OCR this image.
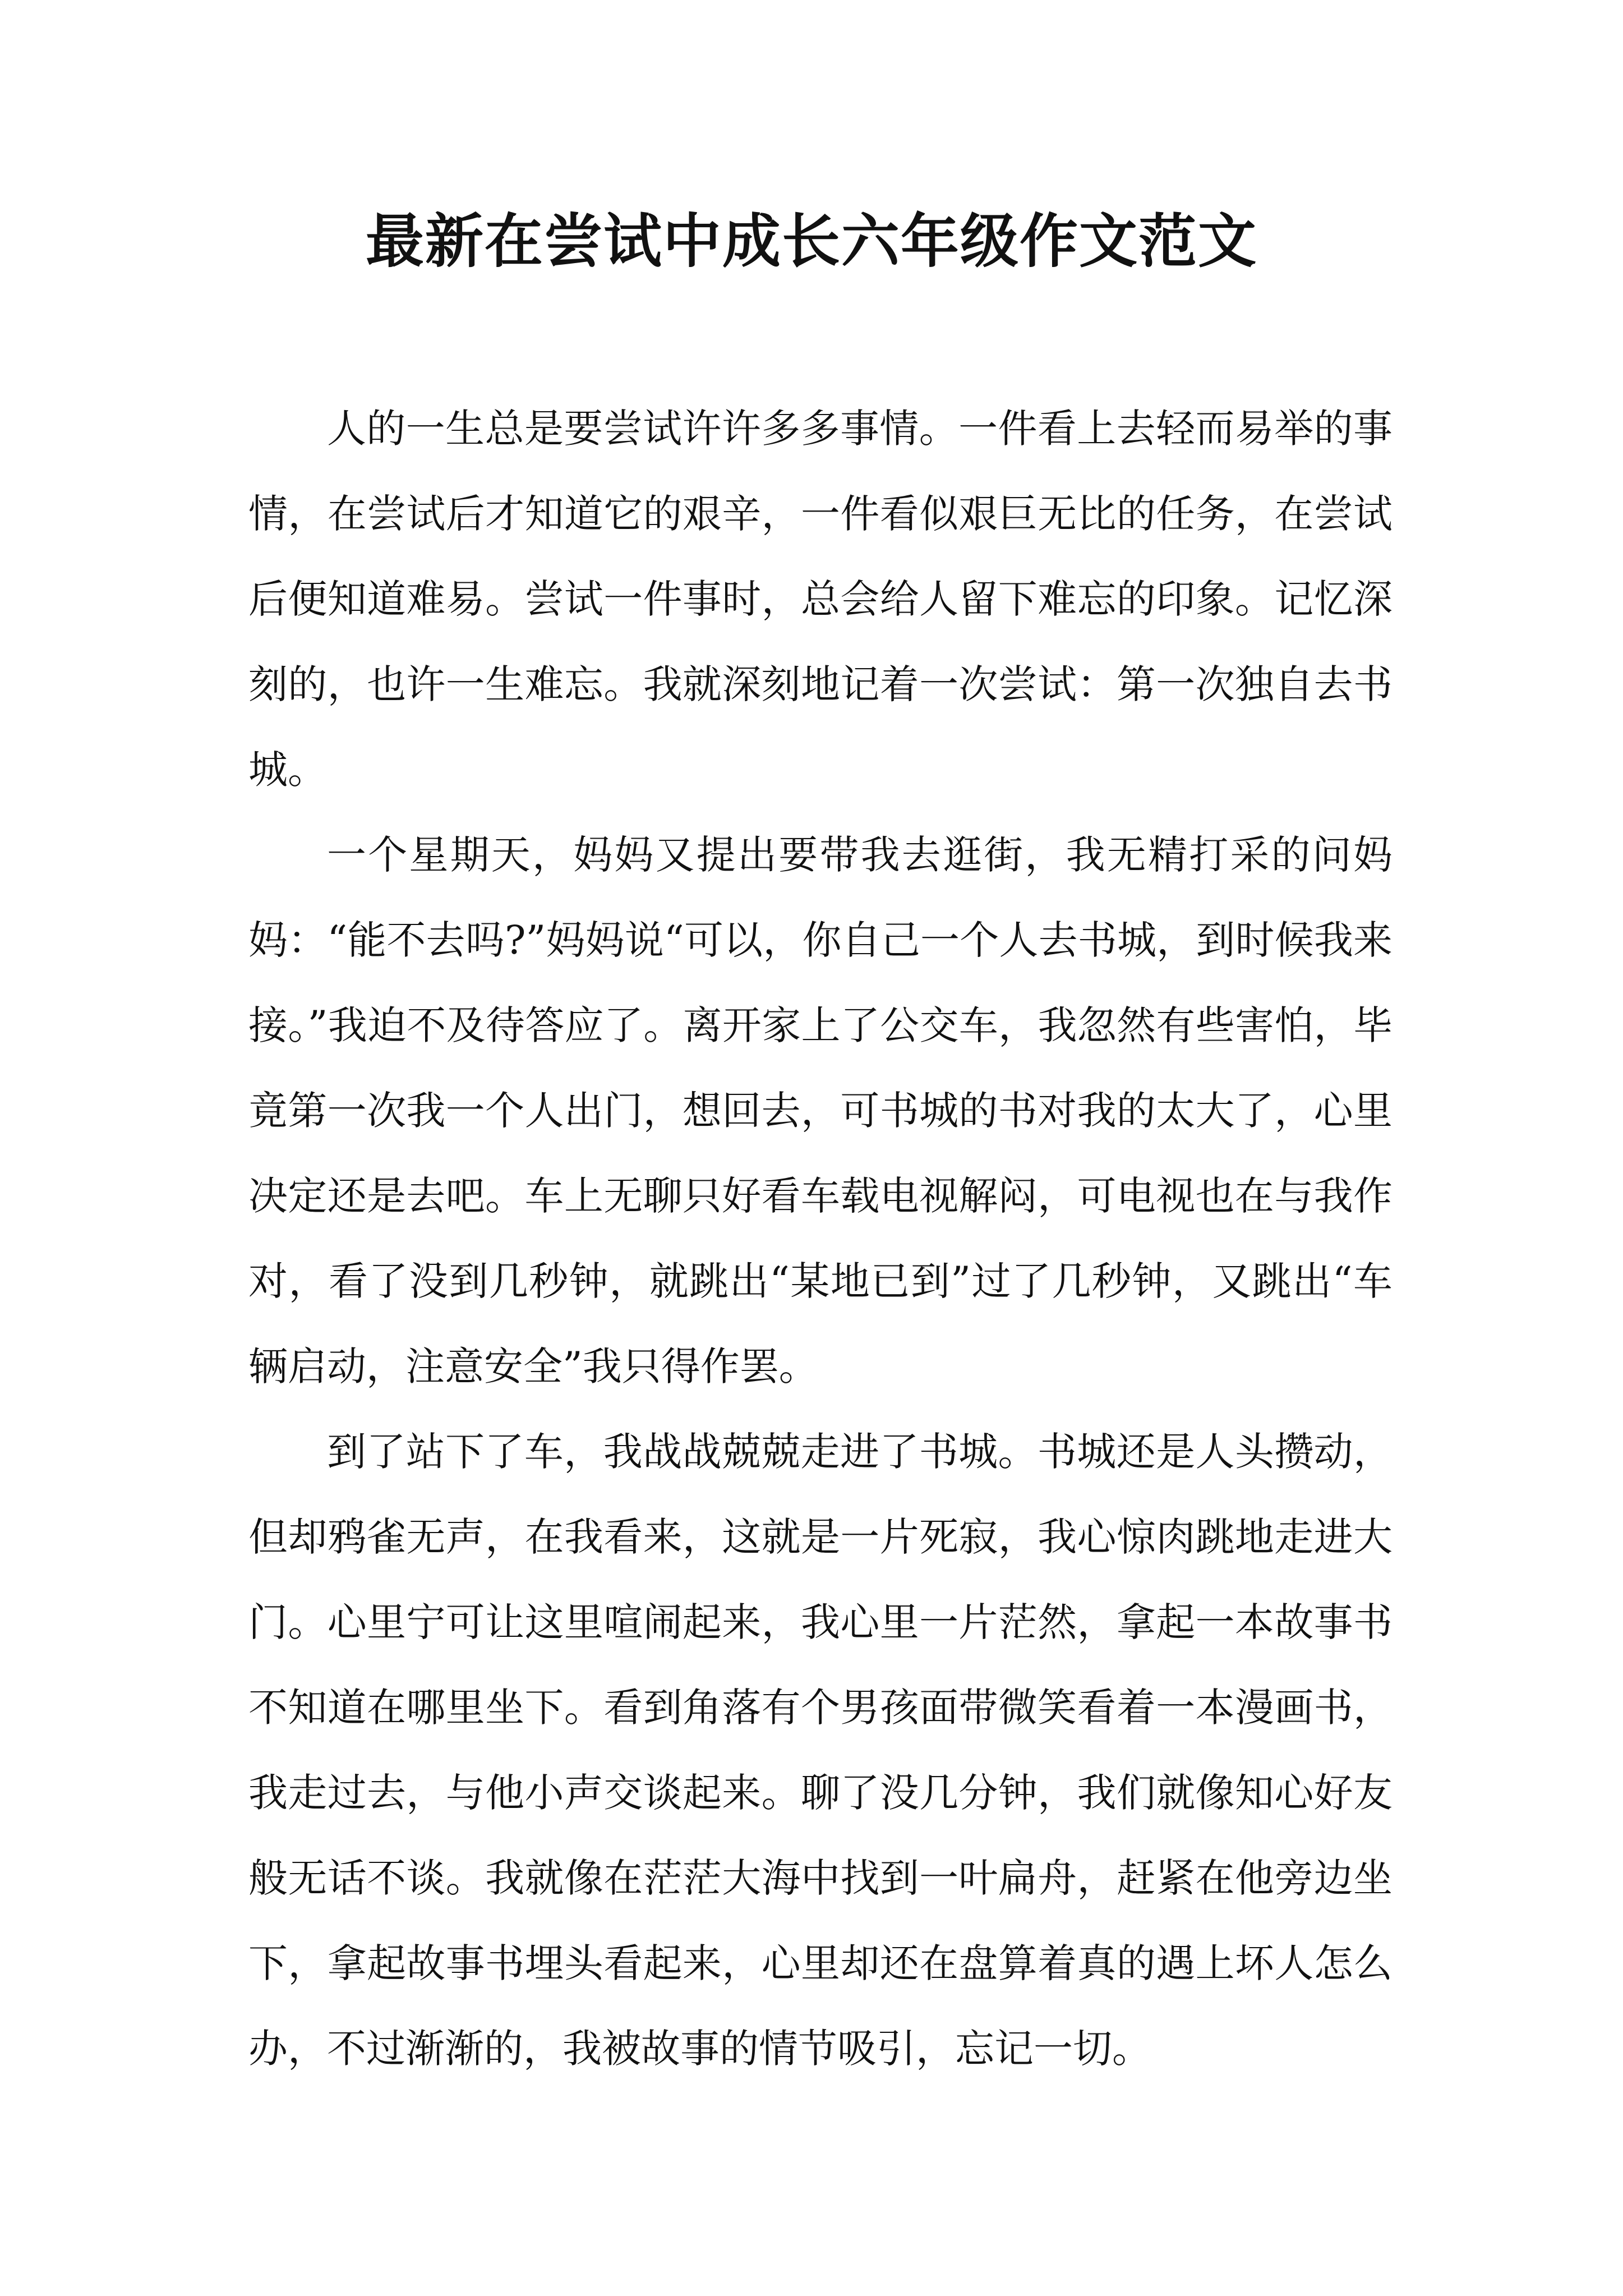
最新在尝试中成长六年级作文范文

人的一生总是要尝试许许多多事情。一件看上去轻而易举的事情，在尝试后才知道它的艰辛，一件看似艰巨无比的任务，在尝试后便知道难易。尝试一件事时，总会给人留下难忘的印象。记忆深刻的，也许一生难忘。我就深刻地记着一次尝试：第一次独自去书城。

一个星期天，妈妈又提出要带我去逛街，我无精打采的问妈妈：“能不去吗?”妈妈说“可以，你自己一个人去书城，到时候我来接。”我迫不及待答应了。离开家上了公交车，我忽然有些害怕，毕竟第一次我一个人出门，想回去，可书城的书对我的太大了，心里决定还是去吧。车上无聊只好看车载电视解闷，可电视也在与我作对，看了没到几秒钟，就跳出“某地已到”过了几秒钟，又跳出“车辆启动，注意安全”我只得作罢。

到了站下了车，我战战兢兢走进了书城。书城还是人头攒动，但却鸦雀无声，在我看来，这就是一片死寂，我心惊肉跳地走进大门。心里宁可让这里喧闹起来，我心里一片茫然，拿起一本故事书不知道在哪里坐下。看到角落有个男孩面带微笑看着一本漫画书，我走过去，与他小声交谈起来。聊了没几分钟，我们就像知心好友般无话不谈。我就像在茫茫大海中找到一叶扁舟，赶紧在他旁边坐下，拿起故事书埋头看起来，心里却还在盘算着真的遇上坏人怎么办，不过渐渐的，我被故事的情节吸引，忘记一切。
